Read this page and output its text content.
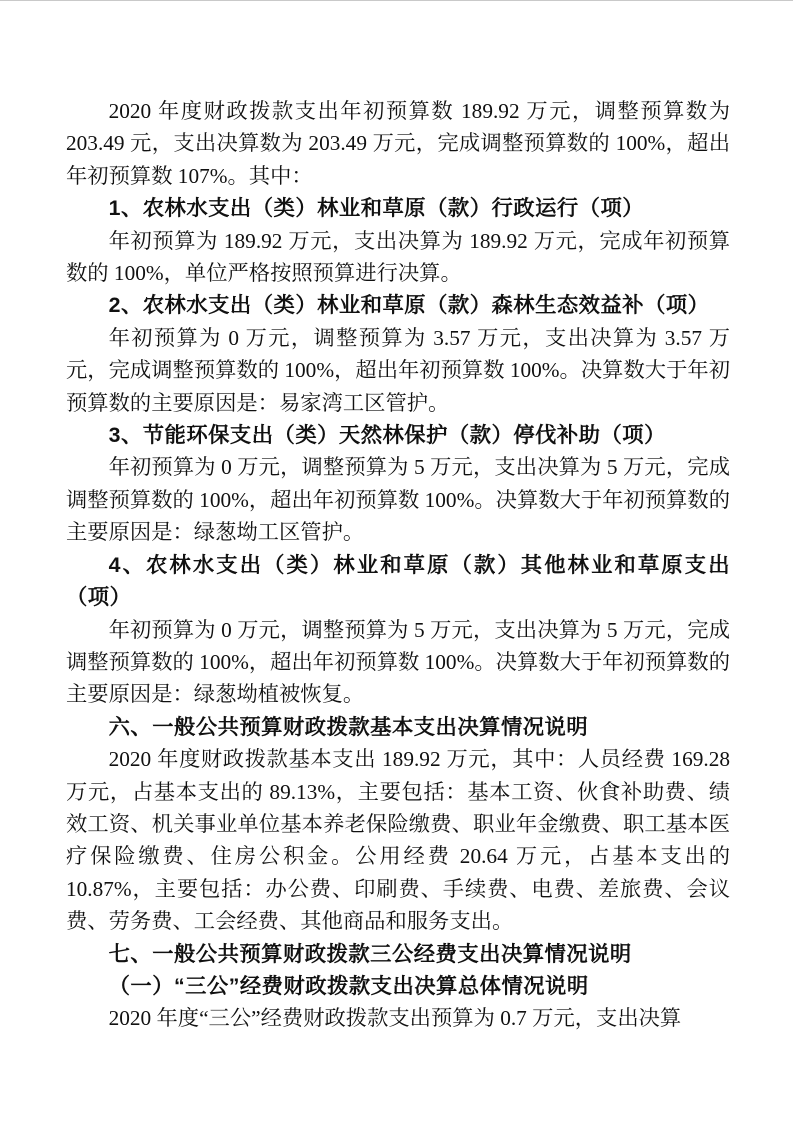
2020 年度财政拨款支出年初预算数 189.92 万元，调整预算数为 203.49 元，支出决算数为 203.49 万元，完成调整预算数的 100%，超出年初预算数 107%。其中：

1、农林水支出（类）林业和草原（款）行政运行（项）

年初预算为 189.92 万元，支出决算为 189.92 万元，完成年初预算数的 100%，单位严格按照预算进行决算。

2、农林水支出（类）林业和草原（款）森林生态效益补（项）

年初预算为 0 万元，调整预算为 3.57 万元，支出决算为 3.57 万元，完成调整预算数的 100%，超出年初预算数 100%。决算数大于年初预算数的主要原因是：易家湾工区管护。

3、节能环保支出（类）天然林保护（款）停伐补助（项）

年初预算为 0 万元，调整预算为 5 万元，支出决算为 5 万元，完成调整预算数的 100%，超出年初预算数 100%。决算数大于年初预算数的主要原因是：绿葱坳工区管护。

4、农林水支出（类）林业和草原（款）其他林业和草原支出（项）

年初预算为 0 万元，调整预算为 5 万元，支出决算为 5 万元，完成调整预算数的 100%，超出年初预算数 100%。决算数大于年初预算数的主要原因是：绿葱坳植被恢复。

六、一般公共预算财政拨款基本支出决算情况说明

2020 年度财政拨款基本支出 189.92 万元，其中：人员经费 169.28 万元，占基本支出的 89.13%，主要包括：基本工资、伙食补助费、绩效工资、机关事业单位基本养老保险缴费、职业年金缴费、职工基本医疗保险缴费、住房公积金。公用经费 20.64 万元，占基本支出的 10.87%，主要包括：办公费、印刷费、手续费、电费、差旅费、会议费、劳务费、工会经费、其他商品和服务支出。

七、一般公共预算财政拨款三公经费支出决算情况说明

（一）“三公”经费财政拨款支出决算总体情况说明

2020 年度“三公”经费财政拨款支出预算为 0.7 万元，支出决算
